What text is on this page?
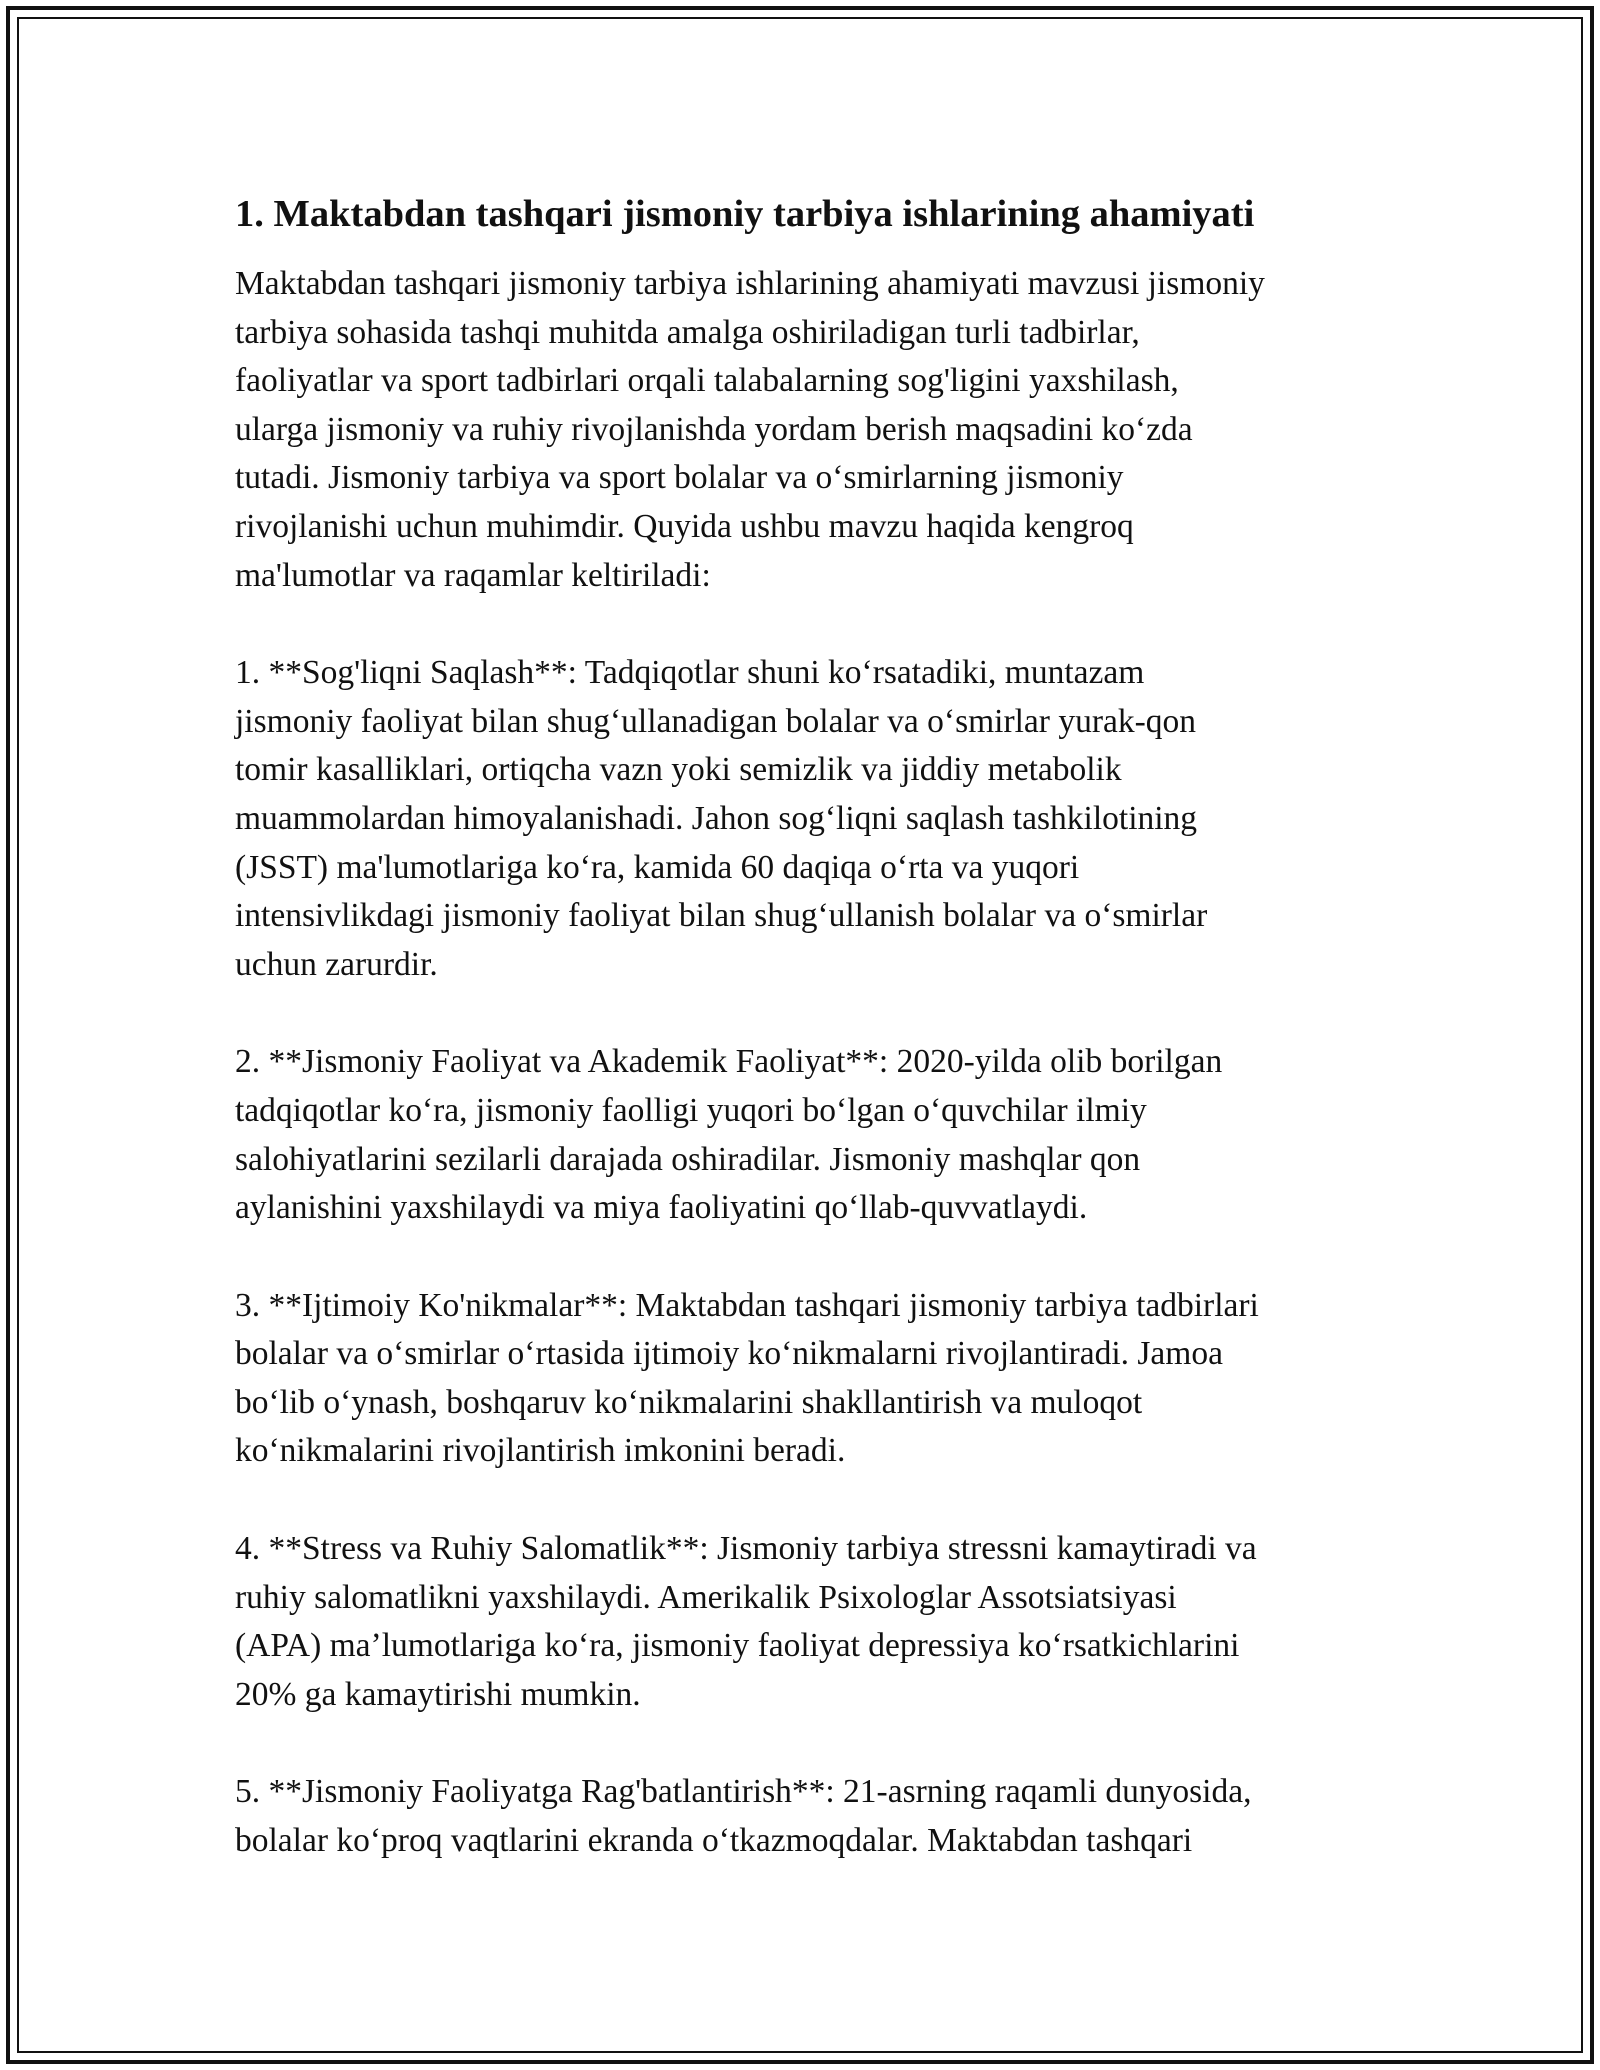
1. Maktabdan tashqari jismoniy tarbiya ishlarining ahamiyati

Maktabdan tashqari jismoniy tarbiya ishlarining ahamiyati mavzusi jismoniy
tarbiya sohasida tashqi muhitda amalga oshiriladigan turli tadbirlar,
faoliyatlar va sport tadbirlari orqali talabalarning sog'ligini yaxshilash,
ularga jismoniy va ruhiy rivojlanishda yordam berish maqsadini koʻzda
tutadi. Jismoniy tarbiya va sport bolalar va oʻsmirlarning jismoniy
rivojlanishi uchun muhimdir. Quyida ushbu mavzu haqida kengroq
ma'lumotlar va raqamlar keltiriladi:

1. **Sog'liqni Saqlash**: Tadqiqotlar shuni koʻrsatadiki, muntazam
jismoniy faoliyat bilan shugʻullanadigan bolalar va oʻsmirlar yurak-qon
tomir kasalliklari, ortiqcha vazn yoki semizlik va jiddiy metabolik
muammolardan himoyalanishadi. Jahon sogʻliqni saqlash tashkilotining
(JSST) ma'lumotlariga koʻra, kamida 60 daqiqa oʻrta va yuqori
intensivlikdagi jismoniy faoliyat bilan shugʻullanish bolalar va oʻsmirlar
uchun zarurdir.

2. **Jismoniy Faoliyat va Akademik Faoliyat**: 2020-yilda olib borilgan
tadqiqotlar koʻra, jismoniy faolligi yuqori boʻlgan oʻquvchilar ilmiy
salohiyatlarini sezilarli darajada oshiradilar. Jismoniy mashqlar qon
aylanishini yaxshilaydi va miya faoliyatini qoʻllab-quvvatlaydi.

3. **Ijtimoiy Ko'nikmalar**: Maktabdan tashqari jismoniy tarbiya tadbirlari
bolalar va oʻsmirlar oʻrtasida ijtimoiy koʻnikmalarni rivojlantiradi. Jamoa
boʻlib oʻynash, boshqaruv koʻnikmalarini shakllantirish va muloqot
koʻnikmalarini rivojlantirish imkonini beradi.

4. **Stress va Ruhiy Salomatlik**: Jismoniy tarbiya stressni kamaytiradi va
ruhiy salomatlikni yaxshilaydi. Amerikalik Psixologlar Assotsiatsiyasi
(APA) maʼlumotlariga koʻra, jismoniy faoliyat depressiya koʻrsatkichlarini
20% ga kamaytirishi mumkin.

5. **Jismoniy Faoliyatga Rag'batlantirish**: 21-asrning raqamli dunyosida,
bolalar koʻproq vaqtlarini ekranda oʻtkazmoqdalar. Maktabdan tashqari
